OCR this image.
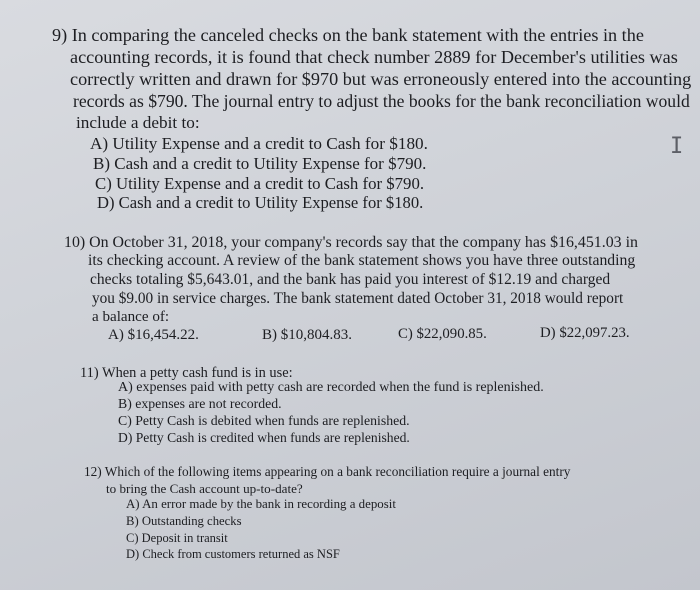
9) In comparing the canceled checks on the bank statement with the entries in the
accounting records, it is found that check number 2889 for December's utilities was
correctly written and drawn for $970 but was erroneously entered into the accounting
records as $790. The journal entry to adjust the books for the bank reconciliation would
include a debit to:
A) Utility Expense and a credit to Cash for $180.
B) Cash and a credit to Utility Expense for $790.
C) Utility Expense and a credit to Cash for $790.
D) Cash and a credit to Utility Expense for $180.
10) On October 31, 2018, your company's records say that the company has $16,451.03 in
its checking account. A review of the bank statement shows you have three outstanding
checks totaling $5,643.01, and the bank has paid you interest of $12.19 and charged
you $9.00 in service charges. The bank statement dated October 31, 2018 would report
a balance of:
A) $16,454.22.	B) $10,804.83.	C) $22,090.85.	D) $22,097.23.
11) When a petty cash fund is in use:
A) expenses paid with petty cash are recorded when the fund is replenished.
B) expenses are not recorded.
C) Petty Cash is debited when funds are replenished.
D) Petty Cash is credited when funds are replenished.
12) Which of the following items appearing on a bank reconciliation require a journal entry
to bring the Cash account up-to-date?
A) An error made by the bank in recording a deposit
B) Outstanding checks
C) Deposit in transit
D) Check from customers returned as NSF
I
